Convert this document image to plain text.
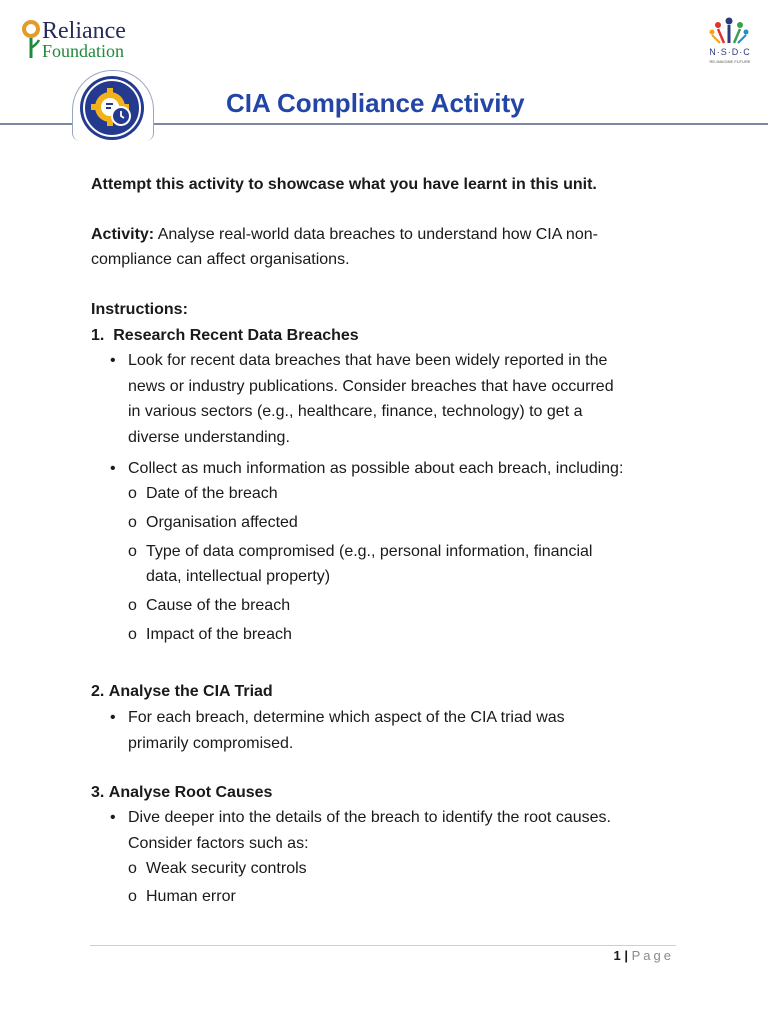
Reliance
Foundation	N·S·D·C
RE-IMAGINE FUTURE
CIA Compliance Activity
Attempt this activity to showcase what you have learnt in this unit.
Activity: Analyse real-world data breaches to understand how CIA non-
compliance can affect organisations.
Instructions:
1. Research Recent Data Breaches
• Look for recent data breaches that have been widely reported in the
news or industry publications. Consider breaches that have occurred
in various sectors (e.g., healthcare, finance, technology) to get a
diverse understanding.
• Collect as much information as possible about each breach, including:
o Date of the breach
o Organisation affected
o Type of data compromised (e.g., personal information, financial
data, intellectual property)
o Cause of the breach
o Impact of the breach
2. Analyse the CIA Triad
• For each breach, determine which aspect of the CIA triad was
primarily compromised.
3. Analyse Root Causes
• Dive deeper into the details of the breach to identify the root causes.
Consider factors such as:
o Weak security controls
o Human error
1 | Page
